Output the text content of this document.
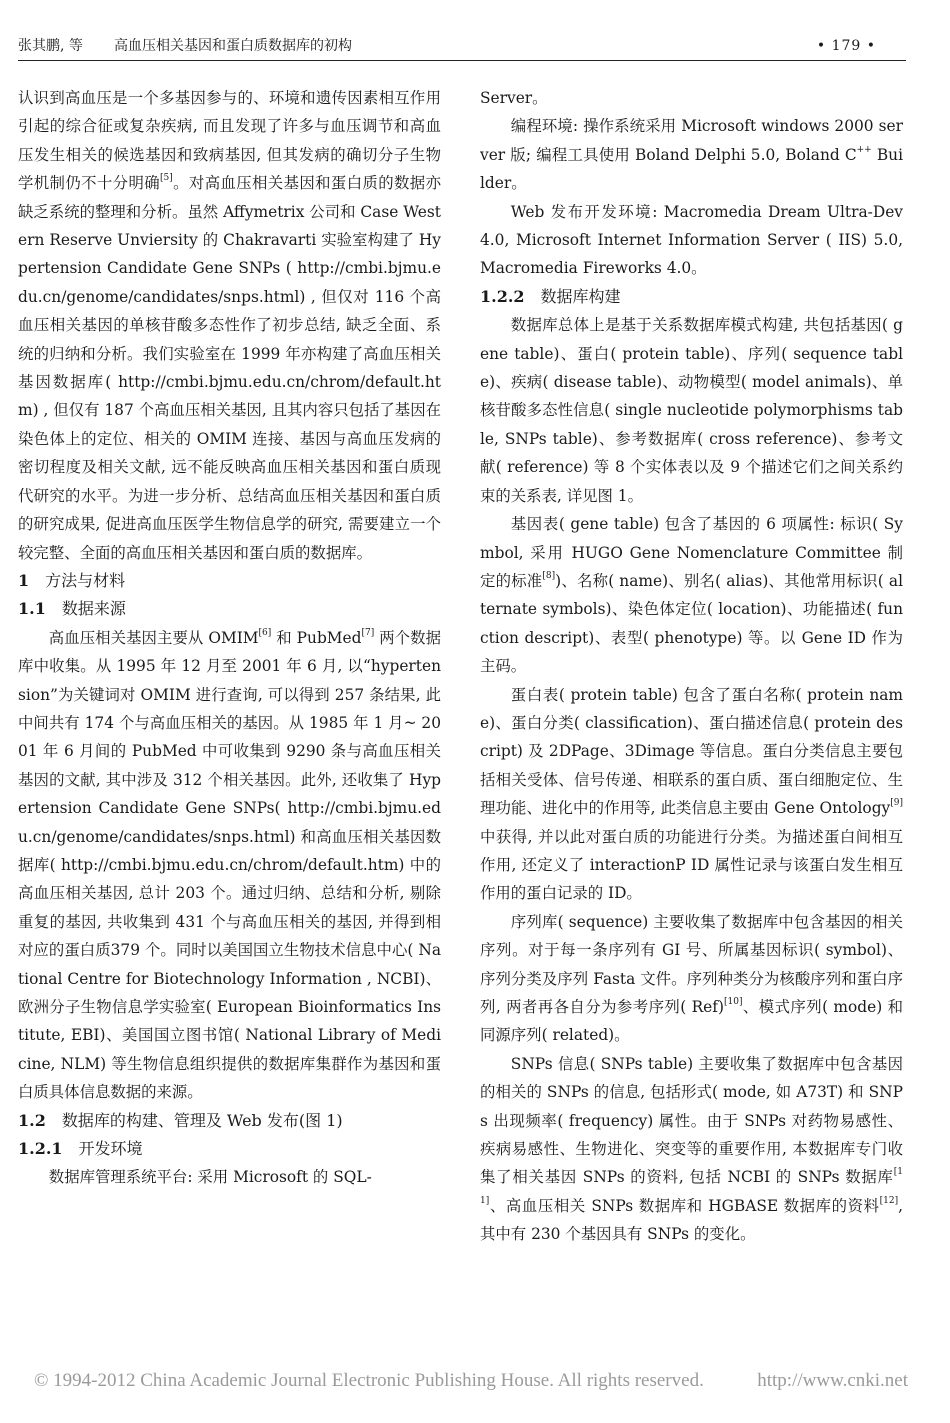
张其鹏, 等 高血压相关基因和蛋白质数据库的初构	• 179 •

认识到高血压是一个多基因参与的、环境和遗传因素相互作用引起的综合征或复杂疾病, 而且发现了许多与血压调节和高血压发生相关的候选基因和致病基因, 但其发病的确切分子生物学机制仍不十分明确[5]。对高血压相关基因和蛋白质的数据亦缺乏系统的整理和分析。虽然 Affymetrix 公司和 Case Western Reserve Unviersity 的 Chakravarti 实验室构建了 Hypertension Candidate Gene SNPs ( http://cmbi.bjmu.edu.cn/genome/candidates/snps.html) , 但仅对 116 个高血压相关基因的单核苷酸多态性作了初步总结, 缺乏全面、系统的归纳和分析。我们实验室在 1999 年亦构建了高血压相关基因数据库( http://cmbi.bjmu.edu.cn/chrom/default.htm) , 但仅有 187 个高血压相关基因, 且其内容只包括了基因在染色体上的定位、相关的 OMIM 连接、基因与高血压发病的密切程度及相关文献, 远不能反映高血压相关基因和蛋白质现代研究的水平。为进一步分析、总结高血压相关基因和蛋白质的研究成果, 促进高血压医学生物信息学的研究, 需要建立一个较完整、全面的高血压相关基因和蛋白质的数据库。

1 方法与材料
1.1 数据来源

高血压相关基因主要从 OMIM[6] 和 PubMed[7] 两个数据库中收集。从 1995 年 12 月至 2001 年 6 月, 以“hypertension”为关键词对 OMIM 进行查询, 可以得到 257 条结果, 此中间共有 174 个与高血压相关的基因。从 1985 年 1 月~ 2001 年 6 月间的 PubMed 中可收集到 9290 条与高血压相关基因的文献, 其中涉及 312 个相关基因。此外, 还收集了 Hypertension Candidate Gene SNPs( http://cmbi.bjmu.edu.cn/genome/candidates/snps.html) 和高血压相关基因数据库( http://cmbi.bjmu.edu.cn/chrom/default.htm) 中的高血压相关基因, 总计 203 个。通过归纳、总结和分析, 剔除重复的基因, 共收集到 431 个与高血压相关的基因, 并得到相对应的蛋白质379 个。同时以美国国立生物技术信息中心( National Centre for Biotechnology Information , NCBI)、欧洲分子生物信息学实验室( European Bioinformatics Institute, EBI)、美国国立图书馆( National Library of Medicine, NLM) 等生物信息组织提供的数据库集群作为基因和蛋白质具体信息数据的来源。

1.2 数据库的构建、管理及 Web 发布(图 1)
1.2.1 开发环境

数据库管理系统平台: 采用 Microsoft 的 SQL-

Server。

编程环境: 操作系统采用 Microsoft windows 2000 server 版; 编程工具使用 Boland Delphi 5.0, Boland C++ Builder。

Web 发布开发环境: Macromedia Dream Ultra-Dev 4.0, Microsoft Internet Information Server ( IIS) 5.0, Macromedia Fireworks 4.0。

1.2.2 数据库构建

数据库总体上是基于关系数据库模式构建, 共包括基因( gene table)、蛋白( protein table)、序列( sequence table)、疾病( disease table)、动物模型( model animals)、单核苷酸多态性信息( single nucleotide polymorphisms table, SNPs table)、参考数据库( cross reference)、参考文献( reference) 等 8 个实体表以及 9 个描述它们之间关系约束的关系表, 详见图 1。

基因表( gene table) 包含了基因的 6 项属性: 标识( Symbol, 采用 HUGO Gene Nomenclature Committee 制定的标准[8])、名称( name)、别名( alias)、其他常用标识( alternate symbols)、染色体定位( location)、功能描述( function descript)、表型( phenotype) 等。以 Gene ID 作为主码。

蛋白表( protein table) 包含了蛋白名称( protein name)、蛋白分类( classification)、蛋白描述信息( protein descript) 及 2DPage、3Dimage 等信息。蛋白分类信息主要包括相关受体、信号传递、相联系的蛋白质、蛋白细胞定位、生理功能、进化中的作用等, 此类信息主要由 Gene Ontology[9] 中获得, 并以此对蛋白质的功能进行分类。为描述蛋白间相互作用, 还定义了 interactionP ID 属性记录与该蛋白发生相互作用的蛋白记录的 ID。

序列库( sequence) 主要收集了数据库中包含基因的相关序列。对于每一条序列有 GI 号、所属基因标识( symbol)、序列分类及序列 Fasta 文件。序列种类分为核酸序列和蛋白序列, 两者再各自分为参考序列( Ref)[10]、模式序列( mode) 和同源序列( related)。

SNPs 信息( SNPs table) 主要收集了数据库中包含基因的相关的 SNPs 的信息, 包括形式( mode, 如 A73T) 和 SNPs 出现频率( frequency) 属性。由于 SNPs 对药物易感性、疾病易感性、生物进化、突变等的重要作用, 本数据库专门收集了相关基因 SNPs 的资料, 包括 NCBI 的 SNPs 数据库[11]、高血压相关 SNPs 数据库和 HGBASE 数据库的资料[12], 其中有 230 个基因具有 SNPs 的变化。

© 1994-2012 China Academic Journal Electronic Publishing House. All rights reserved.	http://www.cnki.net
